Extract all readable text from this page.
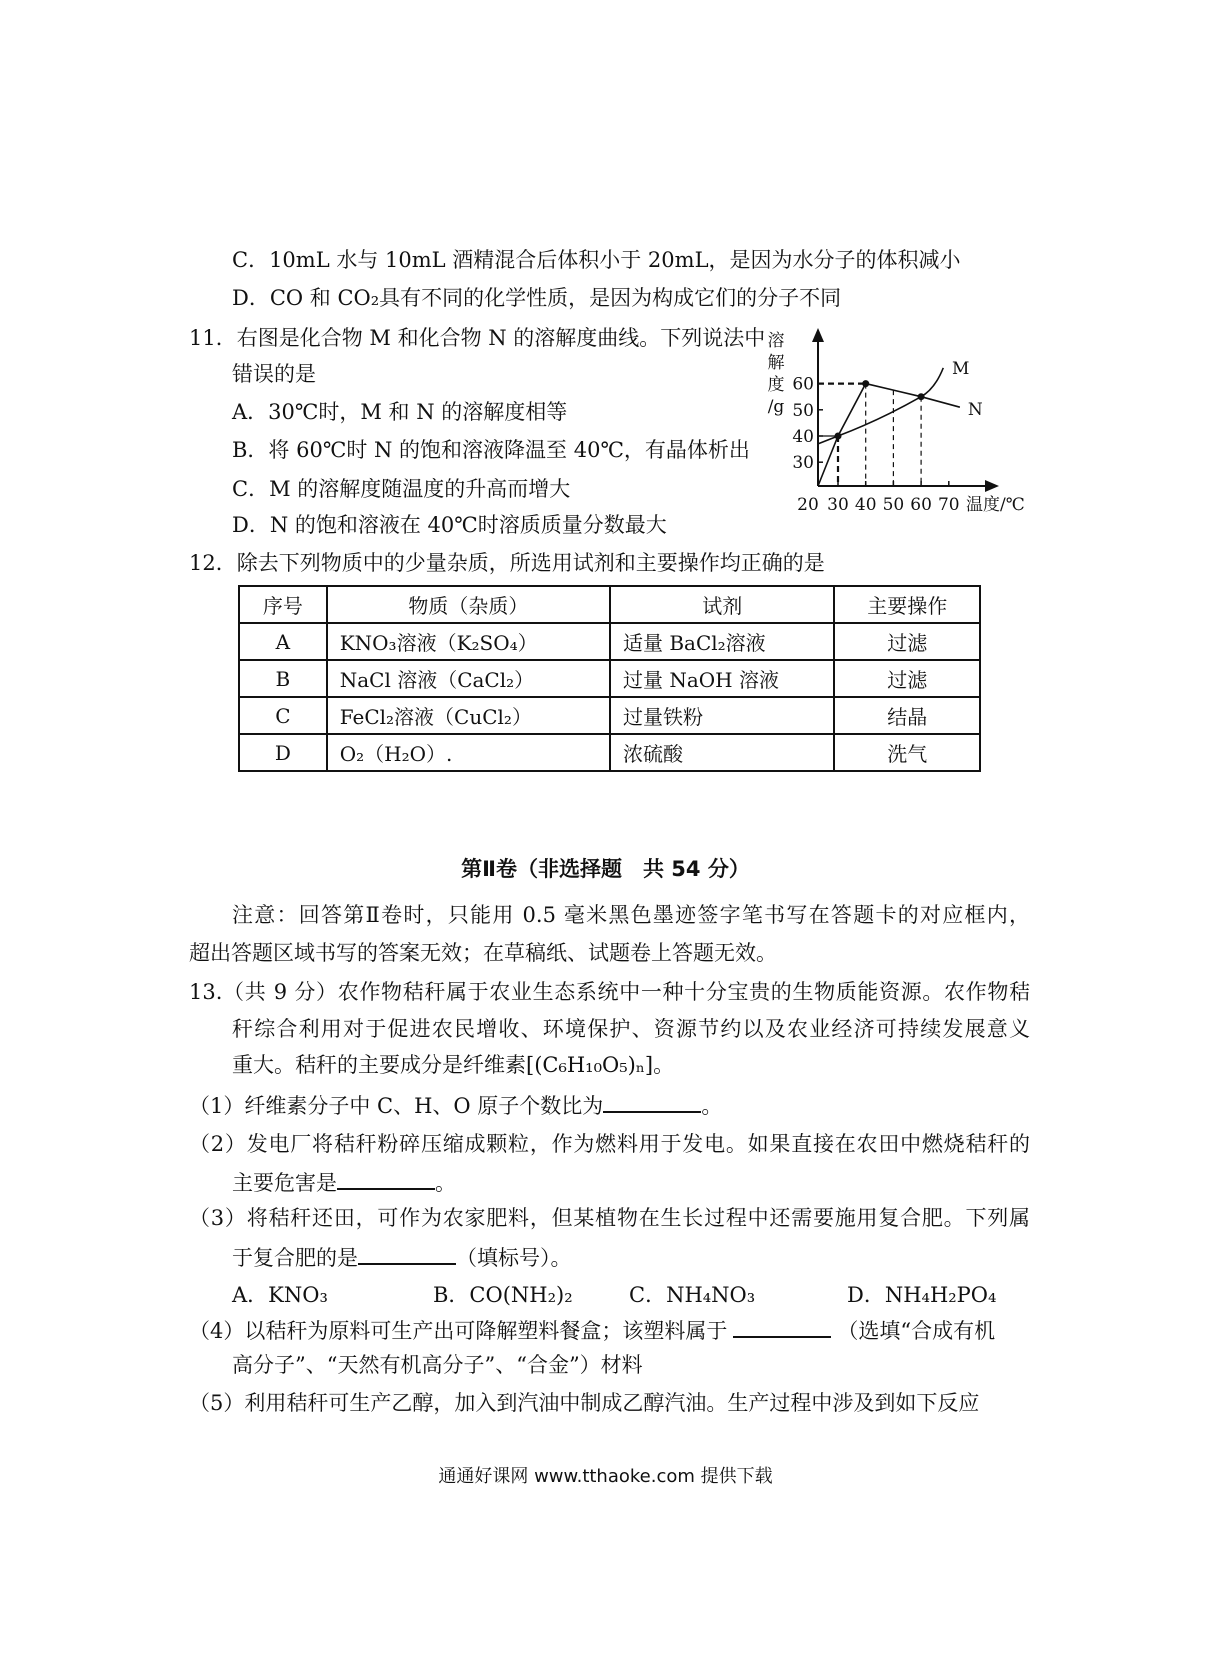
C．10mL 水与 10mL 酒精混合后体积小于 20mL，是因为水分子的体积减小
D．CO 和 CO₂具有不同的化学性质，是因为构成它们的分子不同
11．右图是化合物 M 和化合物 N 的溶解度曲线。下列说法中
错误的是
A．30℃时，M 和 N 的溶解度相等
B．将 60℃时 N 的饱和溶液降温至 40℃，有晶体析出
C．M 的溶解度随温度的升高而增大
D．N 的饱和溶液在 40℃时溶质质量分数最大
20 30 40 50 60 70
30
40
50
60
溶
解
度
/g
温度/℃
M
N
12．除去下列物质中的少量杂质，所选用试剂和主要操作均正确的是
序号	物质（杂质）	试剂	主要操作
A	KNO₃溶液（K₂SO₄）	适量 BaCl₂溶液	过滤
B	NaCl 溶液（CaCl₂）	过量 NaOH 溶液	过滤
C	FeCl₂溶液（CuCl₂）	过量铁粉	结晶
D	O₂（H₂O）.	浓硫酸	洗气
第Ⅱ卷（非选择题　共 54 分）
注意：回答第Ⅱ卷时，只能用 0.5 毫米黑色墨迹签字笔书写在答题卡的对应框内，
超出答题区域书写的答案无效；在草稿纸、试题卷上答题无效。
13.（共 9 分）农作物秸秆属于农业生态系统中一种十分宝贵的生物质能资源。农作物秸
秆综合利用对于促进农民增收、环境保护、资源节约以及农业经济可持续发展意义
重大。秸秆的主要成分是纤维素[(C₆H₁₀O₅)ₙ]。
（1）纤维素分子中 C、H、O 原子个数比为	。
（2）发电厂将秸秆粉碎压缩成颗粒，作为燃料用于发电。如果直接在农田中燃烧秸秆的
主要危害是	。
（3）将秸秆还田，可作为农家肥料，但某植物在生长过程中还需要施用复合肥。下列属
于复合肥的是	（填标号）。
A．KNO₃	B．CO(NH₂)₂	C．NH₄NO₃	D．NH₄H₂PO₄
（4）以秸秆为原料可生产出可降解塑料餐盒；该塑料属于	（选填“合成有机
高分子”、“天然有机高分子”、“合金”）材料
（5）利用秸秆可生产乙醇，加入到汽油中制成乙醇汽油。生产过程中涉及到如下反应
通通好课网 www.tthaoke.com 提供下载
